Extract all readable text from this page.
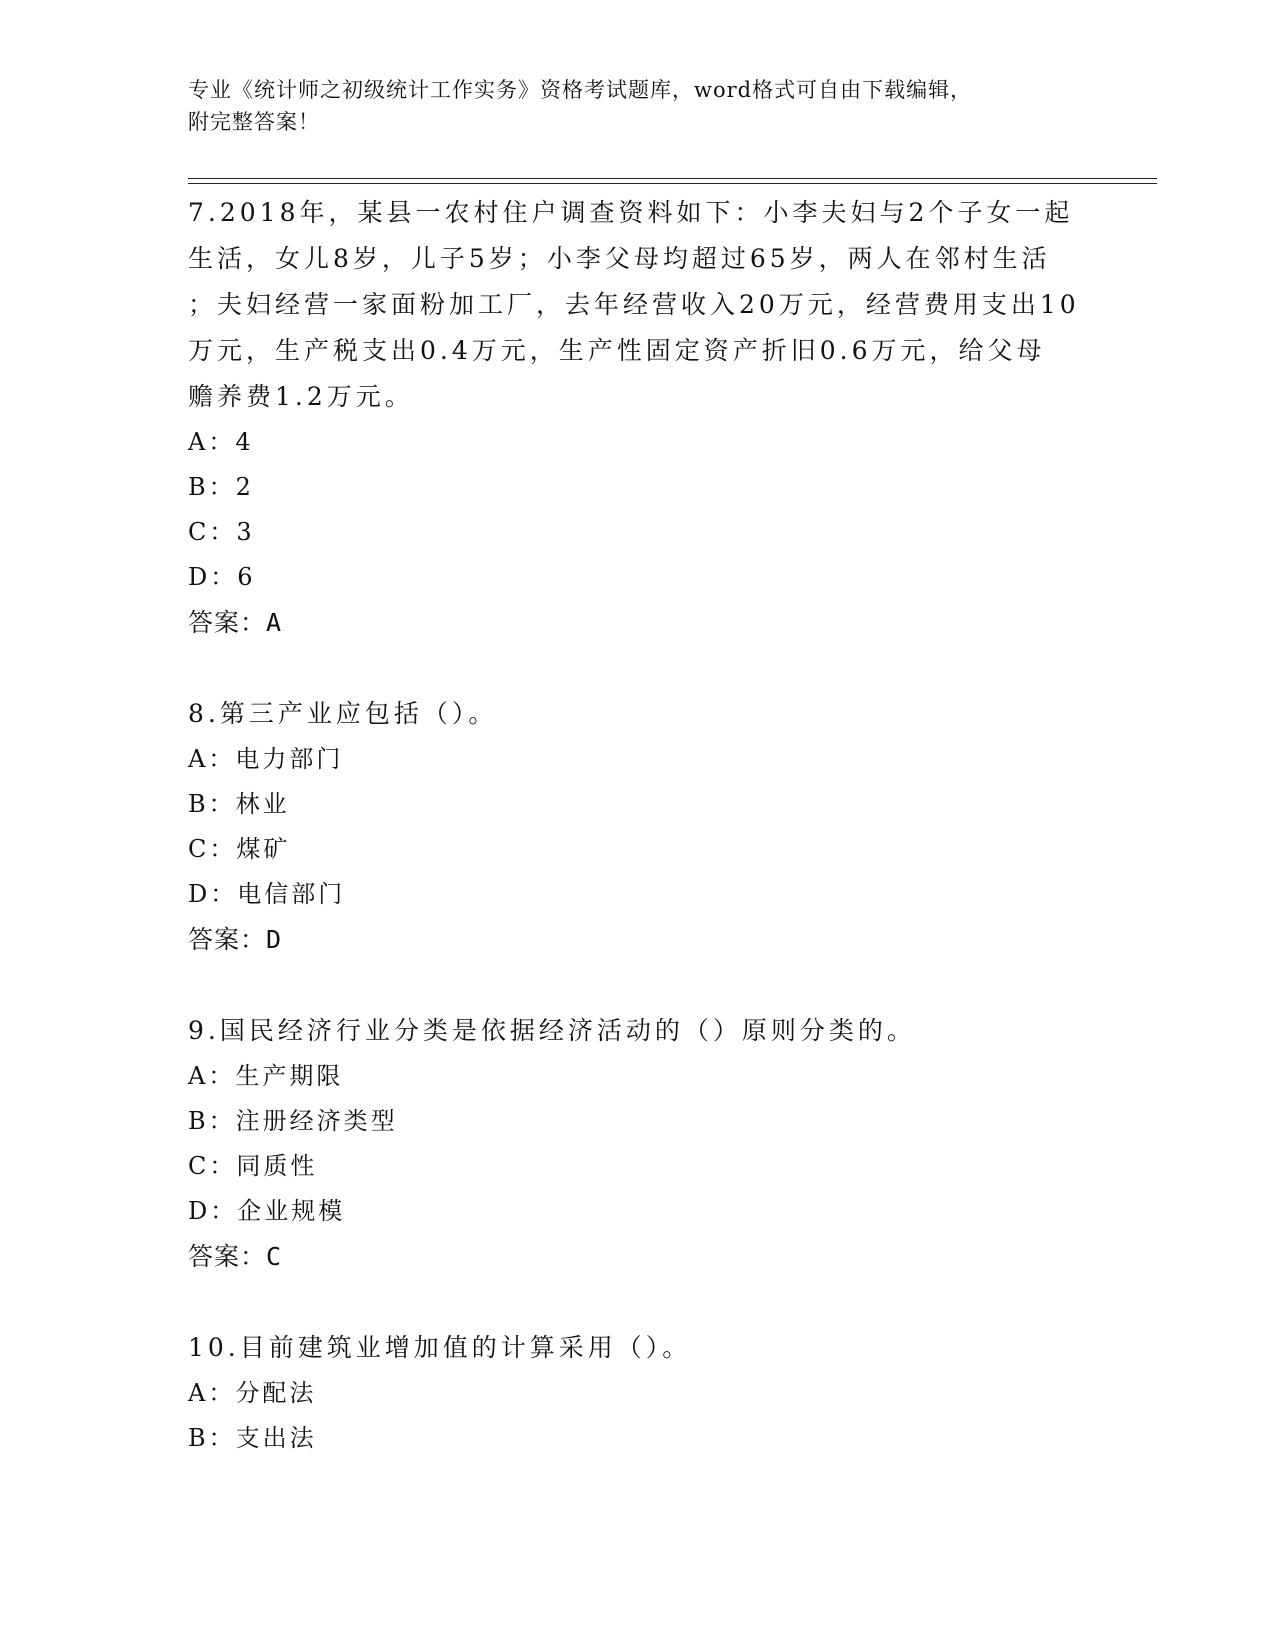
专业《统计师之初级统计工作实务》资格考试题库，word格式可自由下载编辑，
附完整答案！
7.2018年，某县一农村住户调查资料如下：小李夫妇与2个子女一起
生活，女儿8岁，儿子5岁；小李父母均超过65岁，两人在邻村生活
；夫妇经营一家面粉加工厂，去年经营收入20万元，经营费用支出10
万元，生产税支出0.4万元，生产性固定资产折旧0.6万元，给父母
赡养费1.2万元。
A：4
B：2
C：3
D：6
答案：A
8.第三产业应包括（）。
A：电力部门
B：林业
C：煤矿
D：电信部门
答案：D
9.国民经济行业分类是依据经济活动的（）原则分类的。
A：生产期限
B：注册经济类型
C：同质性
D：企业规模
答案：C
10.目前建筑业增加值的计算采用（）。
A：分配法
B：支出法
